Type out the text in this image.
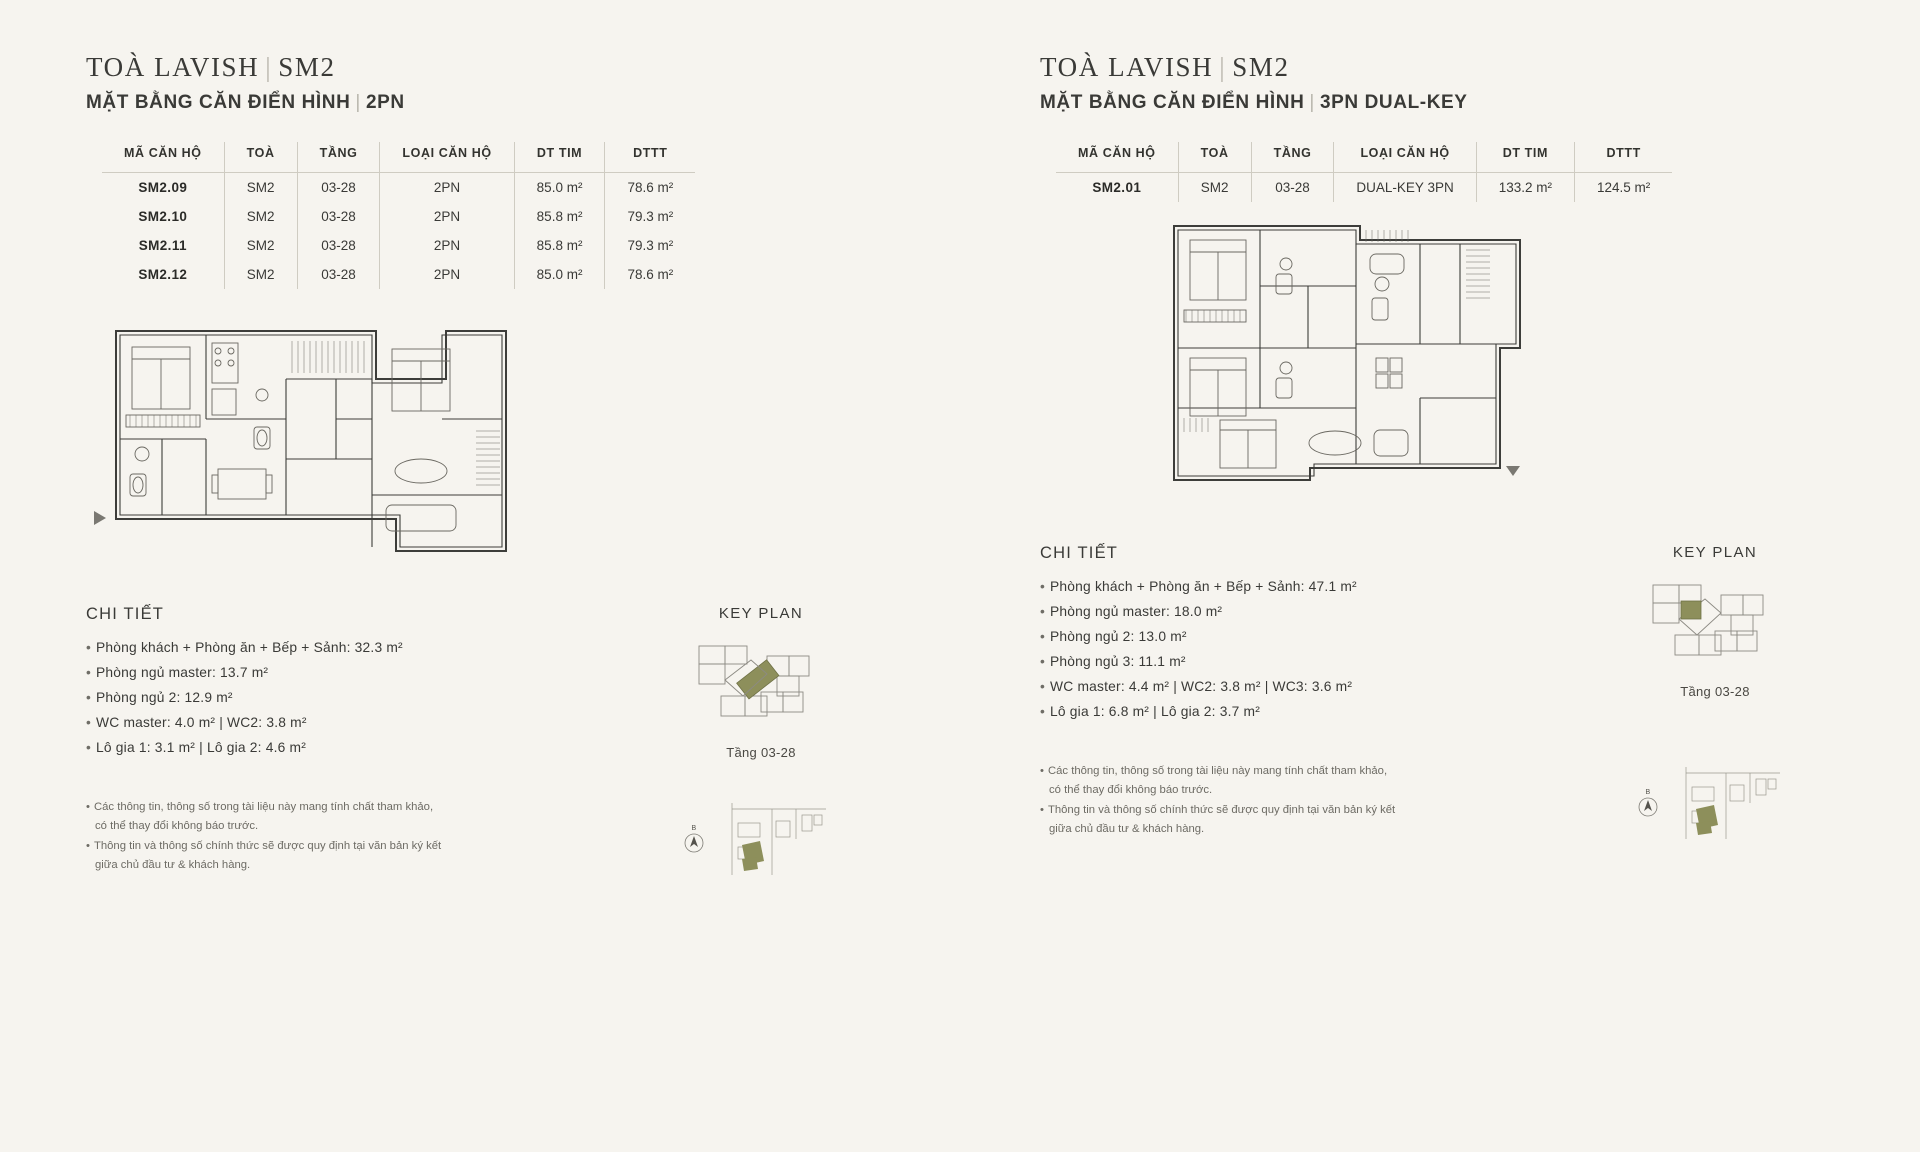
TOÀ LAVISH | SM2
MẶT BẰNG CĂN ĐIỂN HÌNH | 2PN
MÃ CĂN HỘ	TOÀ	TẦNG	LOẠI CĂN HỘ	DT TIM	DTTT
SM2.09	SM2	03-28	2PN	85.0 m²	78.6 m²
SM2.10	SM2	03-28	2PN	85.8 m²	79.3 m²
SM2.11	SM2	03-28	2PN	85.8 m²	79.3 m²
SM2.12	SM2	03-28	2PN	85.0 m²	78.6 m²
CHI TIẾT
• Phòng khách + Phòng ăn + Bếp + Sảnh: 32.3 m²
• Phòng ngủ master: 13.7 m²
• Phòng ngủ 2: 12.9 m²
• WC master: 4.0 m² | WC2: 3.8 m²
• Lô gia 1: 3.1 m² | Lô gia 2: 4.6 m²
KEY PLAN
Tầng 03-28
• Các thông tin, thông số trong tài liệu này mang tính chất tham khảo,
có thể thay đổi không báo trước.
• Thông tin và thông số chính thức sẽ được quy định tại văn bản ký kết
giữa chủ đầu tư & khách hàng.
B
TOÀ LAVISH | SM2
MẶT BẰNG CĂN ĐIỂN HÌNH | 3PN DUAL-KEY
MÃ CĂN HỘ	TOÀ	TẦNG	LOẠI CĂN HỘ	DT TIM	DTTT
SM2.01	SM2	03-28	DUAL-KEY 3PN	133.2 m²	124.5 m²
CHI TIẾT
• Phòng khách + Phòng ăn + Bếp + Sảnh: 47.1 m²
• Phòng ngủ master: 18.0 m²
• Phòng ngủ 2: 13.0 m²
• Phòng ngủ 3: 11.1 m²
• WC master: 4.4 m² | WC2: 3.8 m² | WC3: 3.6 m²
• Lô gia 1: 6.8 m² | Lô gia 2: 3.7 m²
KEY PLAN
Tầng 03-28
• Các thông tin, thông số trong tài liệu này mang tính chất tham khảo,
có thể thay đổi không báo trước.
• Thông tin và thông số chính thức sẽ được quy định tại văn bản ký kết
giữa chủ đầu tư & khách hàng.
B
